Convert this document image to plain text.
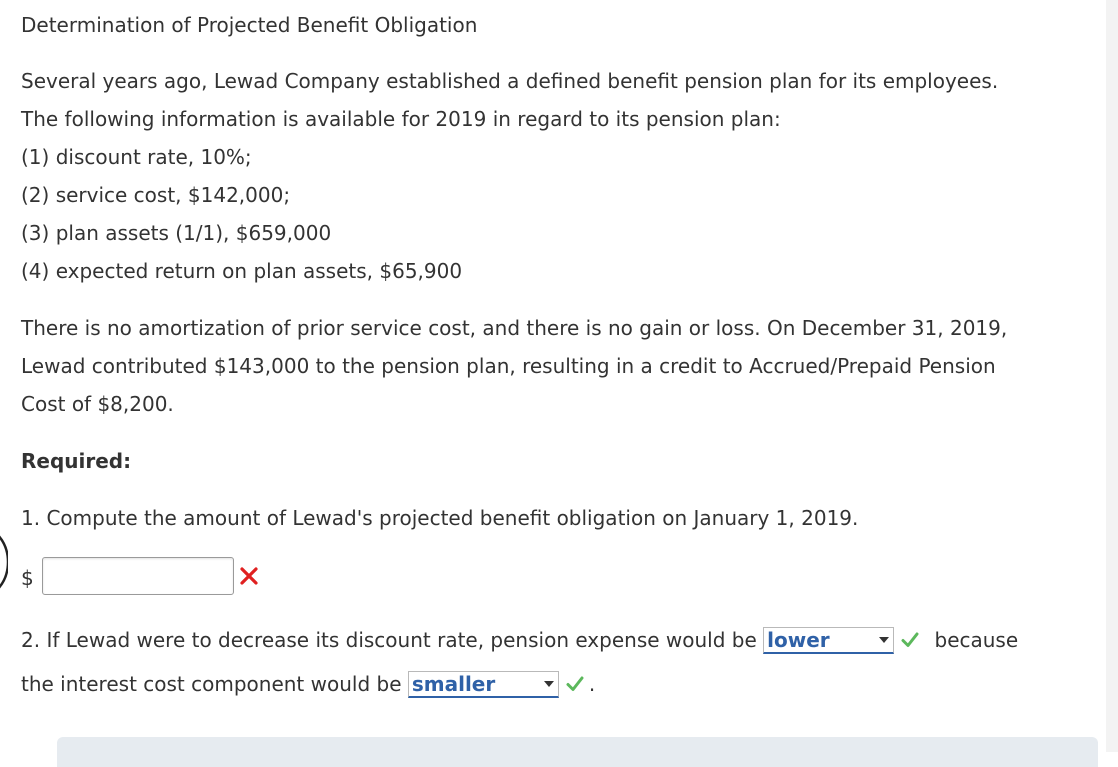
Determination of Projected Benefit Obligation
Several years ago, Lewad Company established a defined benefit pension plan for its employees.
The following information is available for 2019 in regard to its pension plan:
(1) discount rate, 10%;
(2) service cost, $142,000;
(3) plan assets (1/1), $659,000
(4) expected return on plan assets, $65,900
There is no amortization of prior service cost, and there is no gain or loss. On December 31, 2019,
Lewad contributed $143,000 to the pension plan, resulting in a credit to Accrued/Prepaid Pension
Cost of $8,200.
Required:
1. Compute the amount of Lewad's projected benefit obligation on January 1, 2019.
$
2. If Lewad were to decrease its discount rate, pension expense would be lower	because
the interest cost component would be smaller	.
